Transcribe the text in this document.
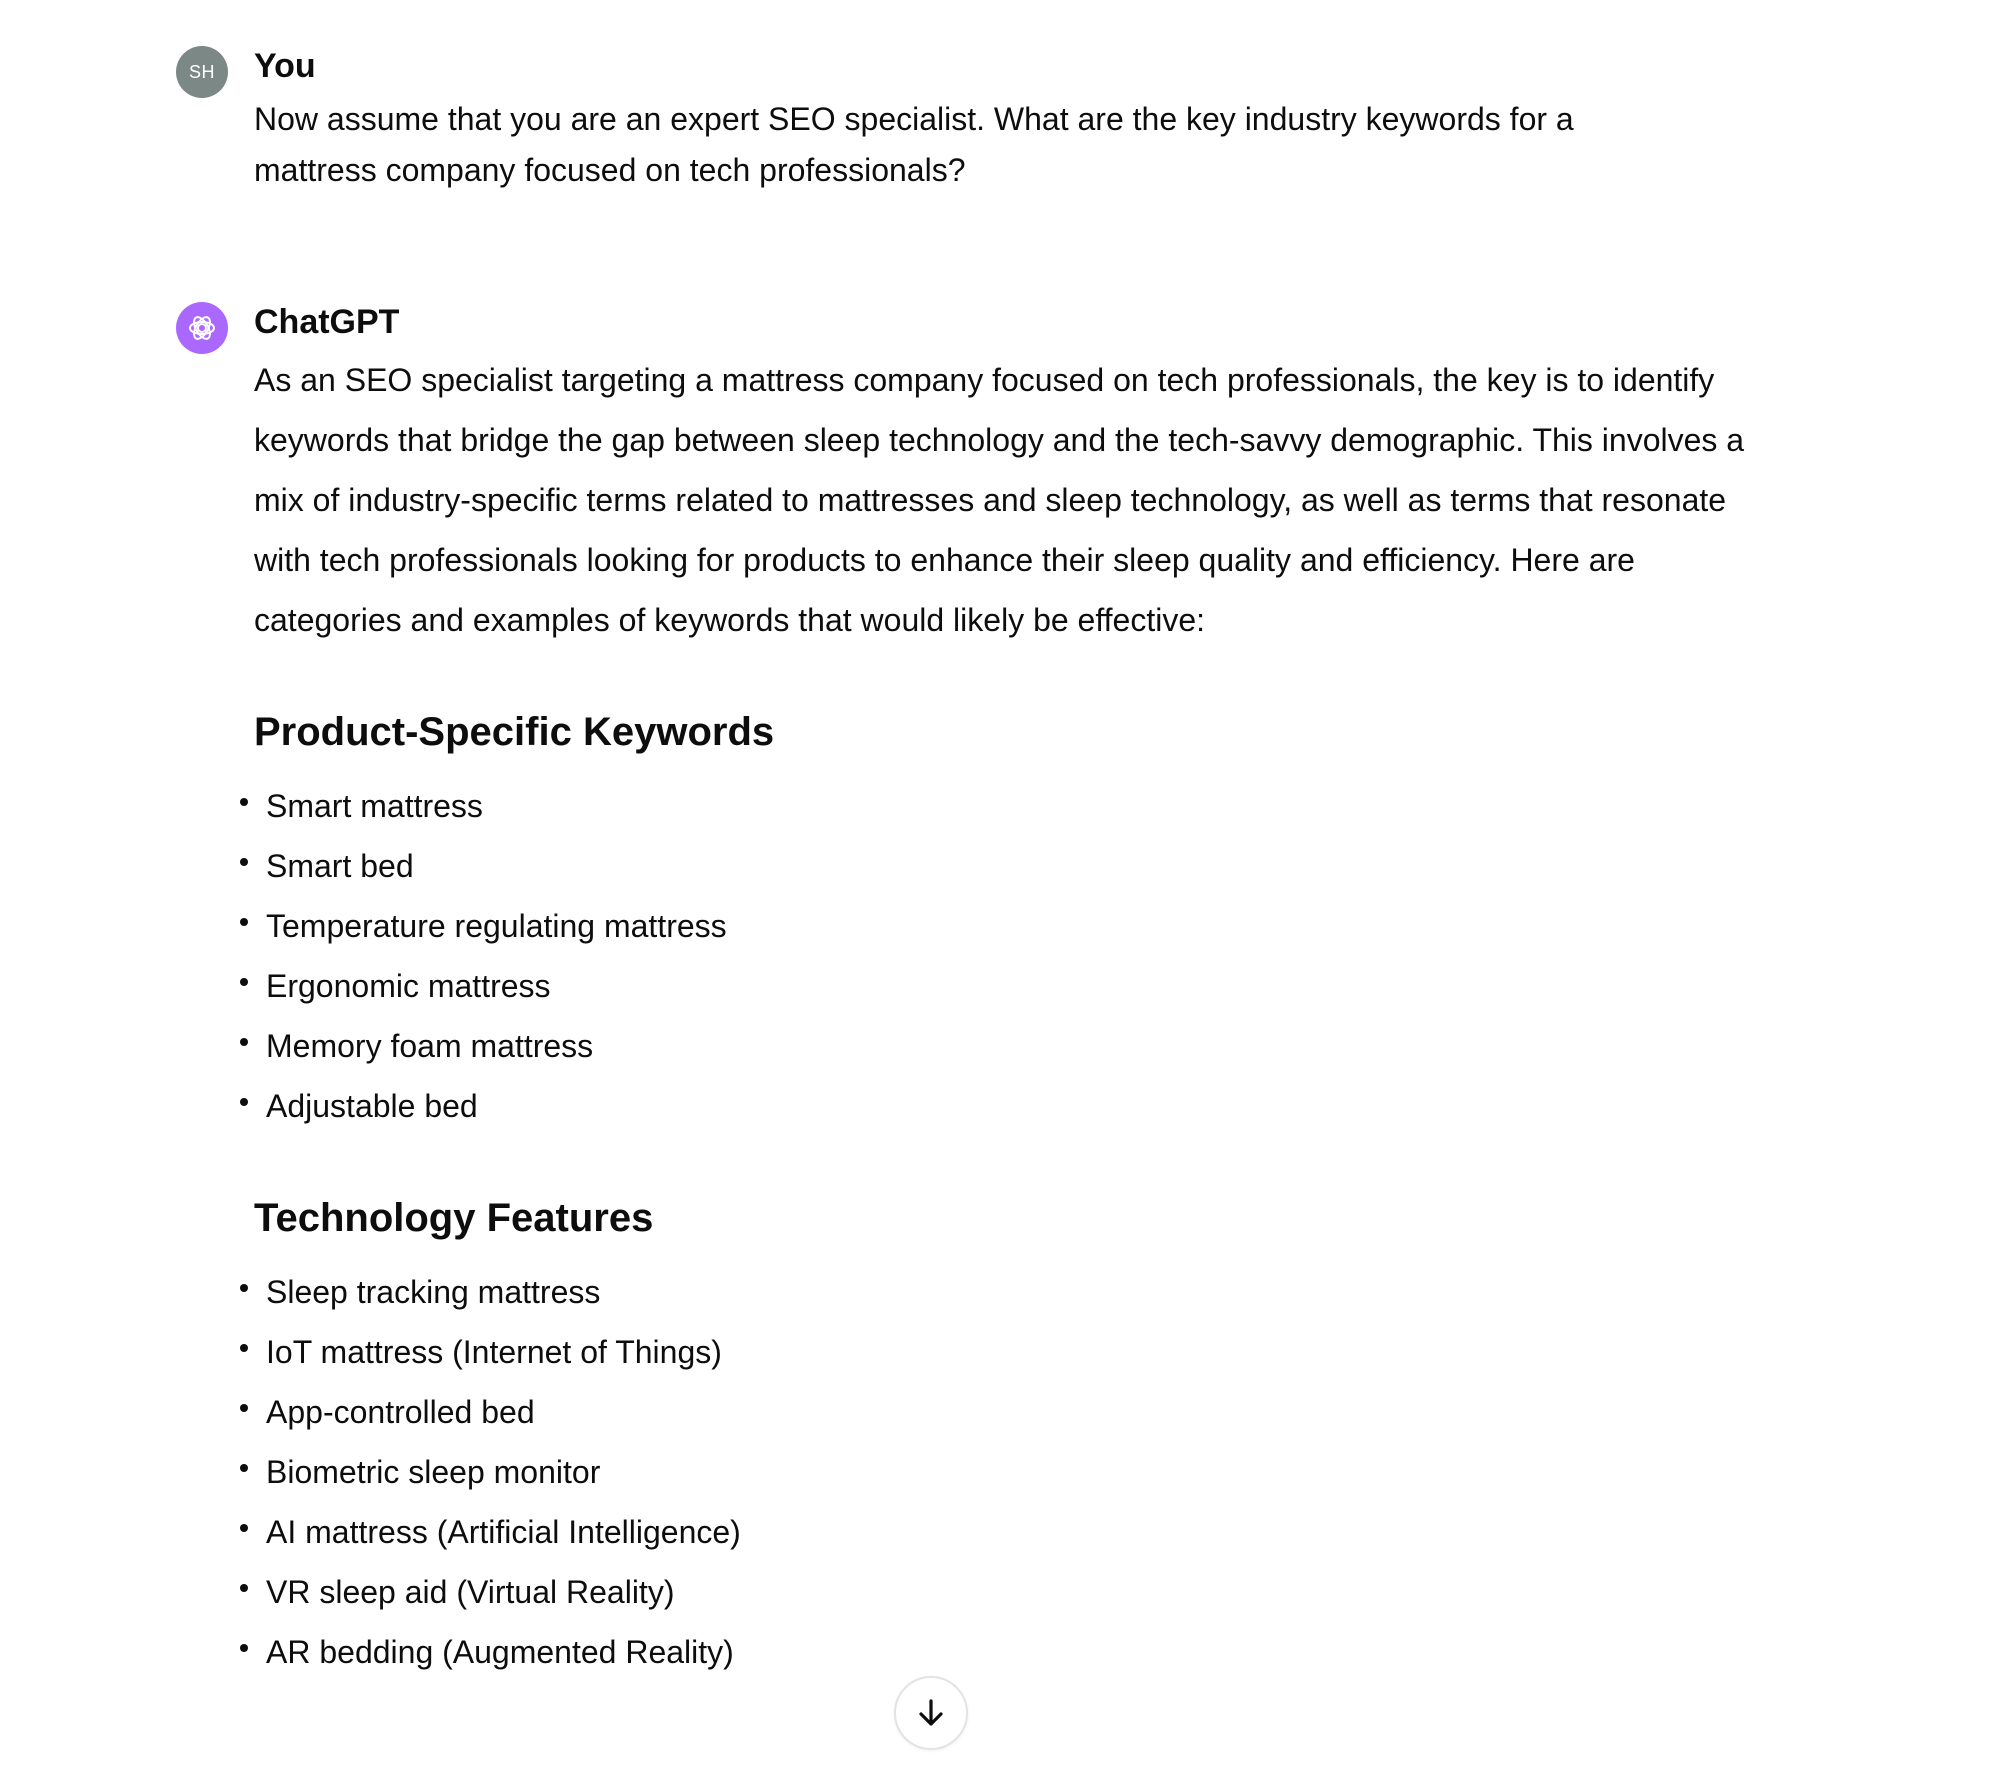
SH You

Now assume that you are an expert SEO specialist. What are the key industry keywords for a mattress company focused on tech professionals?

ChatGPT

As an SEO specialist targeting a mattress company focused on tech professionals, the key is to identify keywords that bridge the gap between sleep technology and the tech-savvy demographic. This involves a mix of industry-specific terms related to mattresses and sleep technology, as well as terms that resonate with tech professionals looking for products to enhance their sleep quality and efficiency. Here are categories and examples of keywords that would likely be effective:

Product-Specific Keywords
Smart mattress
Smart bed
Temperature regulating mattress
Ergonomic mattress
Memory foam mattress
Adjustable bed
Technology Features
Sleep tracking mattress
IoT mattress (Internet of Things)
App-controlled bed
Biometric sleep monitor
AI mattress (Artificial Intelligence)
VR sleep aid (Virtual Reality)
AR bedding (Augmented Reality)
